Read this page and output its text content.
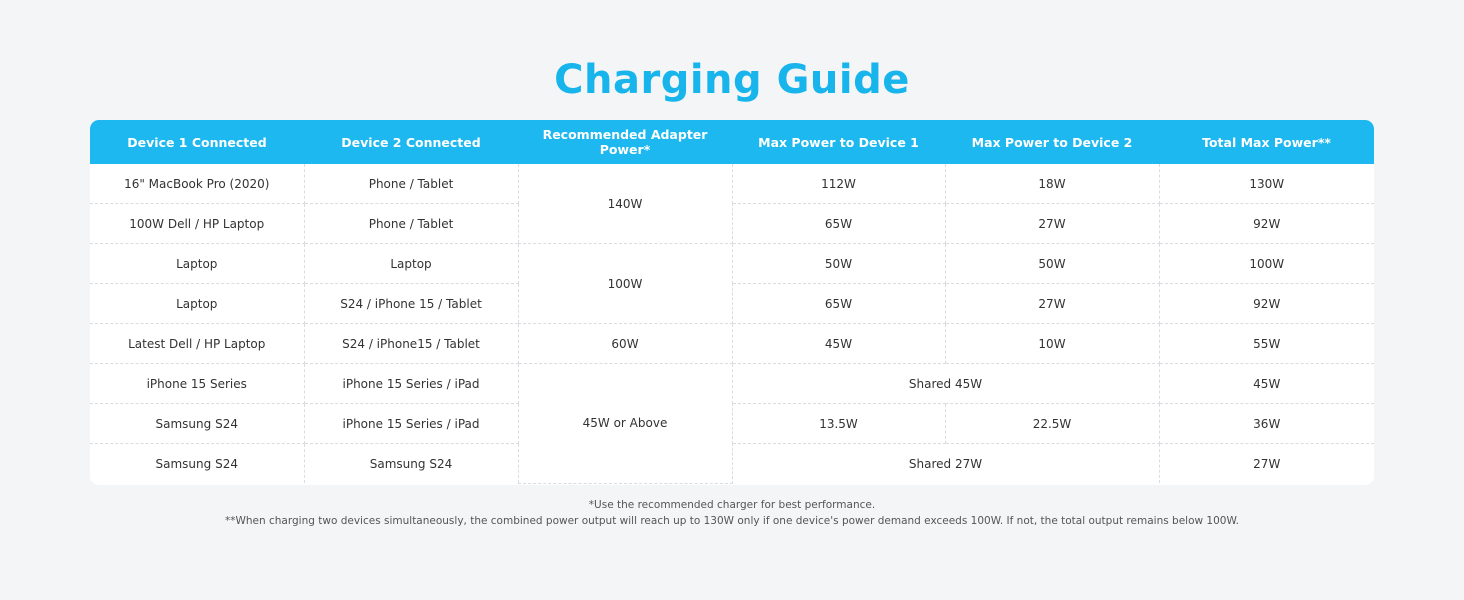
Charging Guide
Device 1 Connected	Device 2 Connected	Recommended Adapter Power*	Max Power to Device 1	Max Power to Device 2	Total Max Power**
16" MacBook Pro (2020)	Phone / Tablet	140W	112W	18W	130W
100W Dell / HP Laptop	Phone / Tablet		65W	27W	92W
Laptop	Laptop	100W	50W	50W	100W
Laptop	S24 / iPhone 15 / Tablet		65W	27W	92W
Latest Dell / HP Laptop	S24 / iPhone15 / Tablet	60W	45W	10W	55W
iPhone 15 Series	iPhone 15 Series / iPad	45W or Above	Shared 45W		45W
Samsung S24	iPhone 15 Series / iPad		13.5W	22.5W	36W
Samsung S24	Samsung S24		Shared 27W		27W
*Use the recommended charger for best performance.
**When charging two devices simultaneously, the combined power output will reach up to 130W only if one device's power demand exceeds 100W. If not, the total output remains below 100W.
